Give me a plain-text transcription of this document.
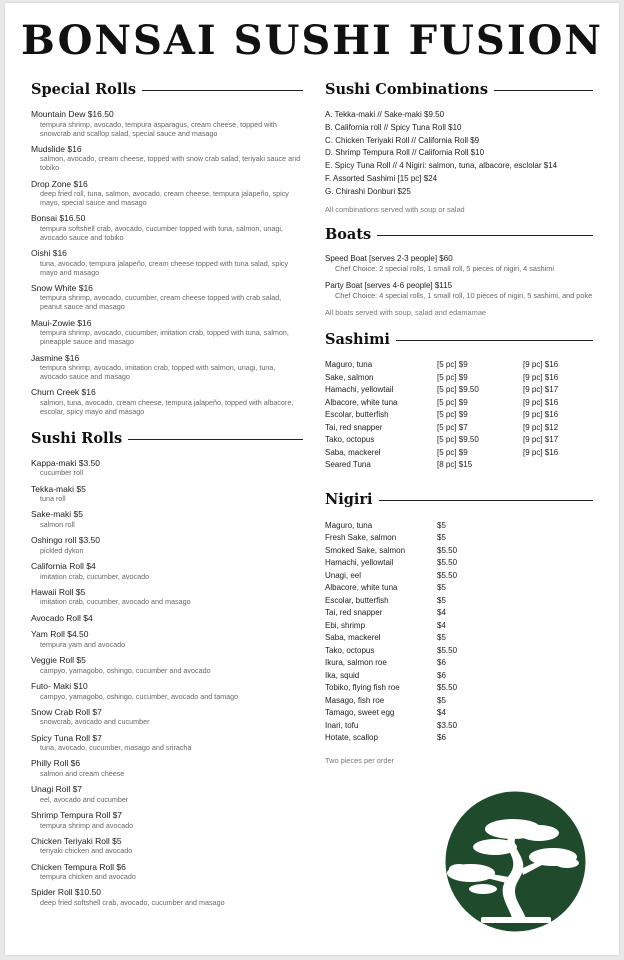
BONSAI SUSHI FUSION
Special Rolls
Mountain Dew $16.50
tempura shrimp, avocado, tempura asparagus, cream cheese, topped with snowcrab and scallop salad, special sauce and masago
Mudslide $16
salmon, avocado, cream cheese, topped with snow crab salad, teriyaki sauce and tobiko
Drop Zone $16
deep fried roll, tuna, salmon, avocado, cream cheese, tempura jalapeño, spicy mayo, special sauce and masago
Bonsai $16.50
tempura softshell crab, avocado, cucumber topped with tuna, salmon, unagi, avocado sauce and tobiko
Oishi $16
tuna, avocado, tempura jalapeño, cream cheese topped with tuna salad, spicy mayo and masago
Snow White $16
tempura shrimp, avocado, cucumber, cream cheese topped with crab salad, peanut sauce and masago
Maui-Zowie $16
tempura shrimp, avocado, cucumber, imitation crab, topped with tuna, salmon, pineapple sauce and masago
Jasmine $16
tempura shrimp, avocado, imitation crab, topped with salmon, unagi, tuna, avocado sauce and masago
Churn Creek $16
salmon, tuna, avocado, cream cheese, tempura jalapeño, topped with albacore, escolar, spicy mayo and masago
Sushi Rolls
Kappa-maki $3.50
cucumber roll
Tekka-maki $5
tuna roll
Sake-maki $5
salmon roll
Oshingo roll $3.50
pickled dykon
California Roll $4
imitation crab, cucumber, avocado
Hawaii Roll $5
imitation crab, cucumber, avocado and masago
Avocado Roll $4
Yam Roll $4.50
tempura yam and avocado
Veggie Roll $5
campyo, yamagobo, oshingo, cucumber and avocado
Futo- Maki $10
campyo, yamagobo, oshingo, cucumber, avocado and tamago
Snow Crab Roll $7
snowcrab, avocado and cucumber
Spicy Tuna Roll $7
tuna, avocado, cucumber, masago and sriracha
Philly Roll $6
salmon and cream cheese
Unagi Roll $7
eel, avocado and cucumber
Shrimp Tempura Roll $7
tempura shrimp and avocado
Chicken Teriyaki Roll $5
teriyaki chicken and avocado
Chicken Tempura Roll $6
tempura chicken and avocado
Spider Roll $10.50
deep fried softshell crab, avocado, cucumber and masago
Sushi Combinations
A. Tekka-maki // Sake-maki $9.50
B. California roll // Spicy Tuna Roll $10
C. Chicken Teriyaki Roll // California Roll $9
D. Shrimp Tempura Roll // California Roll $10
E. Spicy Tuna Roll // 4 Nigiri: salmon, tuna, albacore, esclolar $14
F. Assorted Sashimi [15 pc] $24
G. Chirashi Donburi $25
All combinations served with soup or salad
Boats
Speed Boat [serves 2-3 people] $60
Chef Choice: 2 special rolls, 1 small roll, 5 pieces of nigiri, 4 sashimi
Party Boat [serves 4-6 people] $115
Chef Choice: 4 special rolls, 1 small roll, 10 pieces of nigiri, 5 sashimi, and poke
All boats served with soup, salad and edamamae
Sashimi
Maguro, tuna	[5 pc] $9	[9 pc] $16
Sake, salmon	[5 pc] $9	[9 pc] $16
Hamachi, yellowtail	[5 pc] $9.50	[9 pc] $17
Albacore, white tuna	[5 pc] $9	[9 pc] $16
Escolar, butterfish	[5 pc] $9	[9 pc] $16
Tai, red snapper	[5 pc] $7	[9 pc] $12
Tako, octopus	[5 pc] $9.50	[9 pc] $17
Saba, mackerel	[5 pc] $9	[9 pc] $16
Seared Tuna	[8 pc] $15	
Nigiri
Maguro, tuna	$5
Fresh Sake, salmon	$5
Smoked Sake, salmon	$5.50
Hamachi, yellowtail	$5.50
Unagi, eel	$5.50
Albacore, white tuna	$5
Escolar, butterfish	$5
Tai, red snapper	$4
Ebi, shrimp	$4
Saba, mackerel	$5
Tako, octopus	$5.50
Ikura, salmon roe	$6
Ika, squid	$6
Tobiko, flying fish roe	$5.50
Masago, fish roe	$5
Tamago, sweet egg	$4
Inari, tofu	$3.50
Hotate, scallop	$6
Two pieces per order
